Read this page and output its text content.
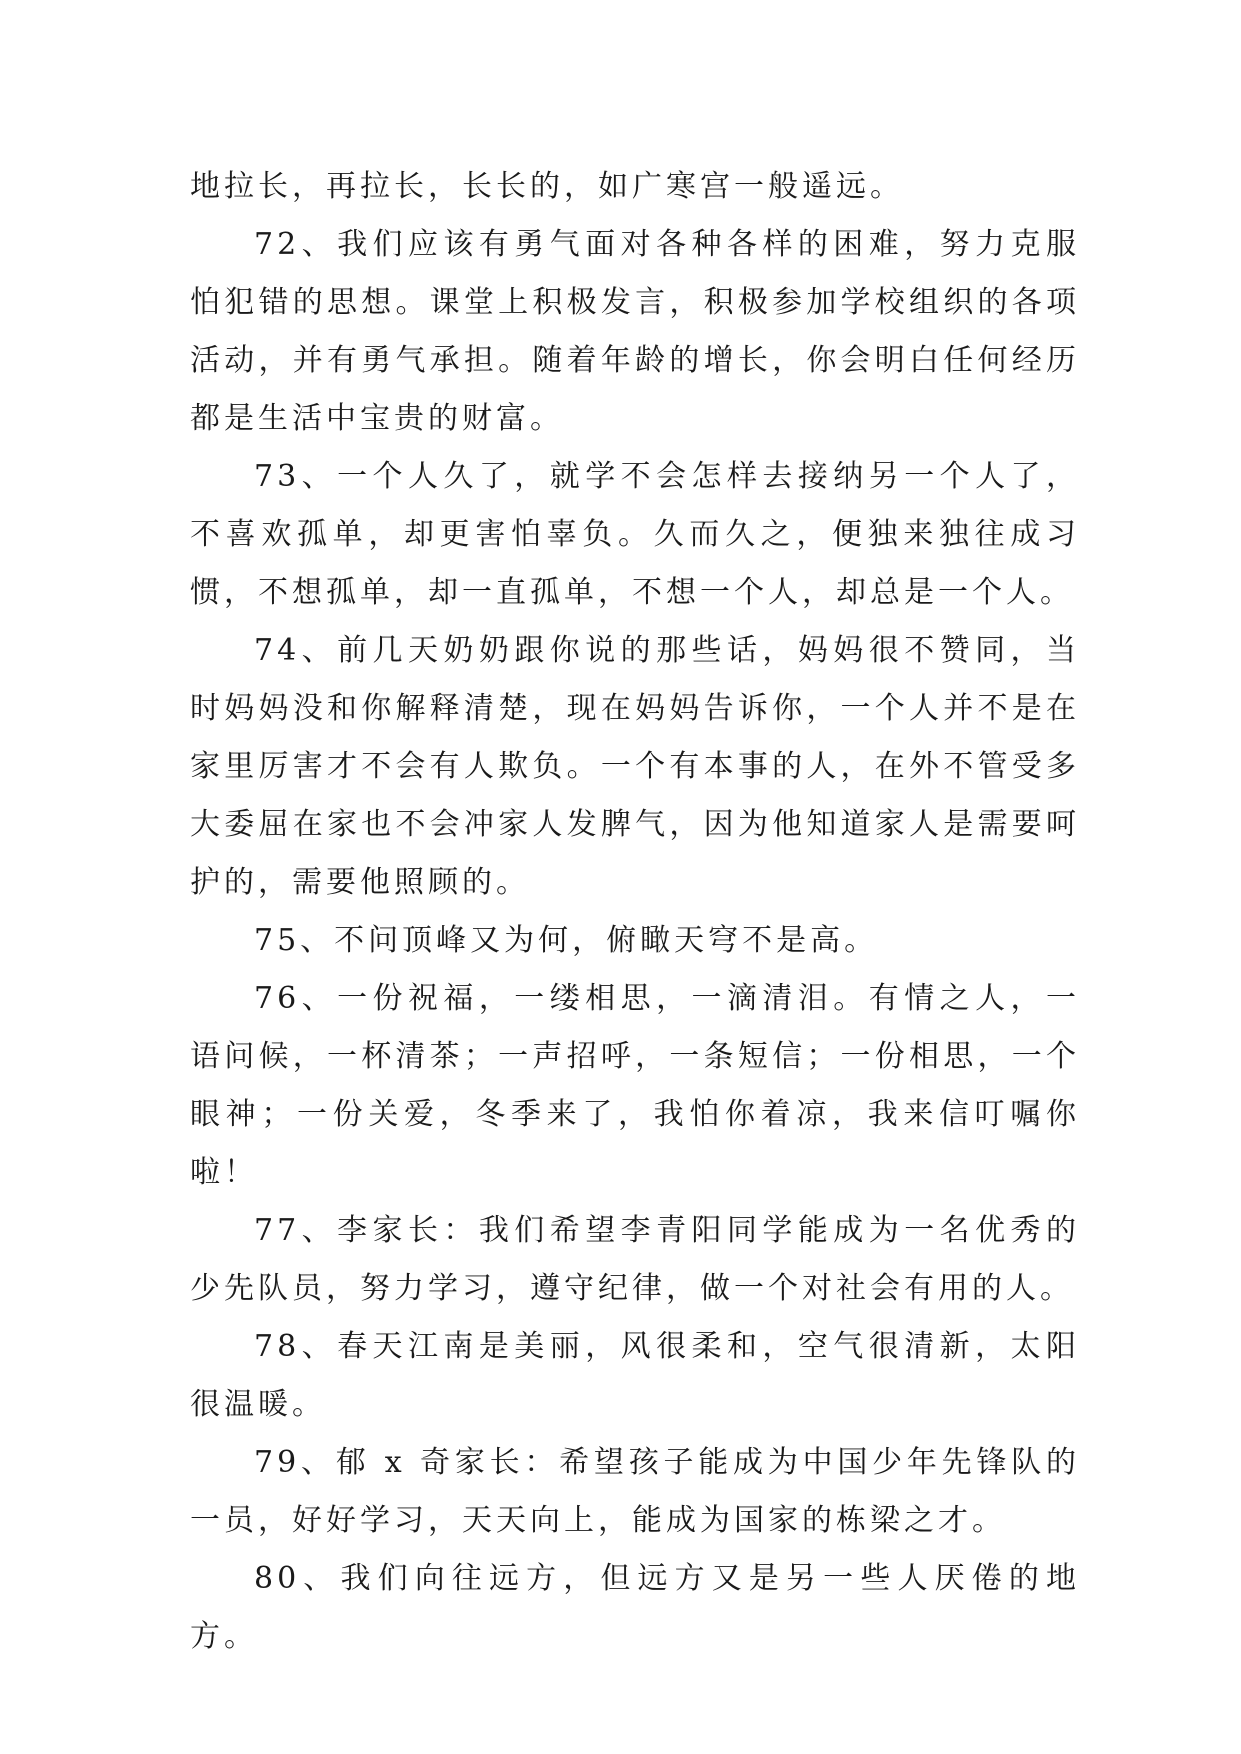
地拉长，再拉长，长长的，如广寒宫一般遥远。

72、我们应该有勇气面对各种各样的困难，努力克服怕犯错的思想。课堂上积极发言，积极参加学校组织的各项活动，并有勇气承担。随着年龄的增长，你会明白任何经历都是生活中宝贵的财富。

73、一个人久了，就学不会怎样去接纳另一个人了，不喜欢孤单，却更害怕辜负。久而久之，便独来独往成习惯，不想孤单，却一直孤单，不想一个人，却总是一个人。

74、前几天奶奶跟你说的那些话，妈妈很不赞同，当时妈妈没和你解释清楚，现在妈妈告诉你，一个人并不是在家里厉害才不会有人欺负。一个有本事的人，在外不管受多大委屈在家也不会冲家人发脾气，因为他知道家人是需要呵护的，需要他照顾的。

75、不问顶峰又为何，俯瞰天穹不是高。

76、一份祝福，一缕相思，一滴清泪。有情之人，一语问候，一杯清茶；一声招呼，一条短信；一份相思，一个眼神；一份关爱，冬季来了，我怕你着凉，我来信叮嘱你啦！

77、李家长：我们希望李青阳同学能成为一名优秀的少先队员，努力学习，遵守纪律，做一个对社会有用的人。

78、春天江南是美丽，风很柔和，空气很清新，太阳很温暖。

79、郁 x 奇家长：希望孩子能成为中国少年先锋队的一员，好好学习，天天向上，能成为国家的栋梁之才。

80、我们向往远方，但远方又是另一些人厌倦的地方。
